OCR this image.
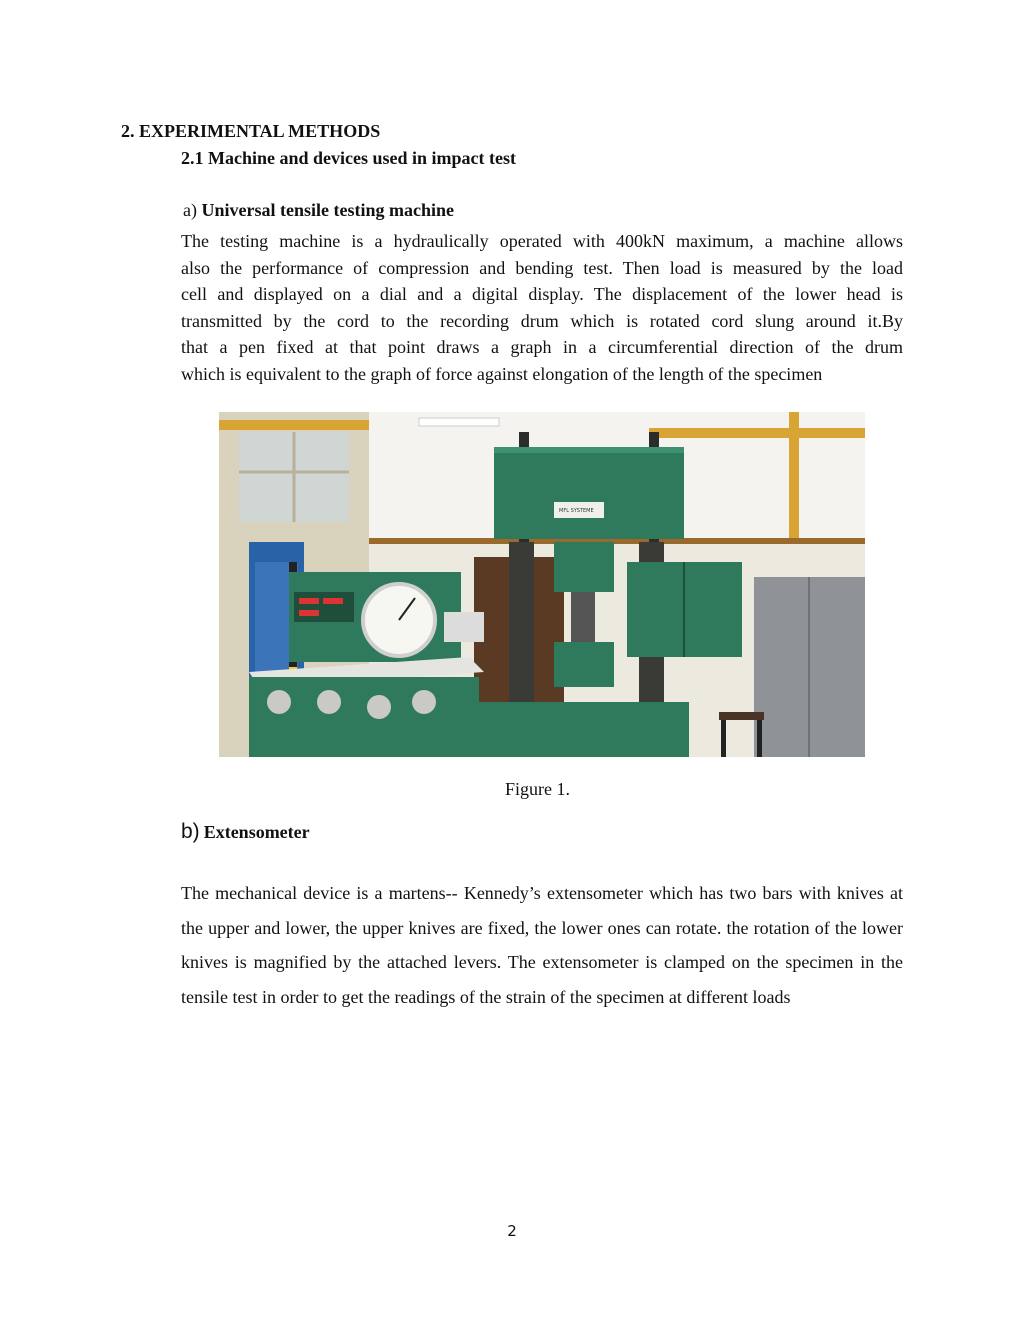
2. EXPERIMENTAL METHODS
2.1 Machine and devices used in impact test
a) Universal tensile testing machine
The testing machine is a hydraulically operated with 400kN maximum, a machine allows
also the performance of compression and bending test. Then load is measured by the load
cell and displayed on a dial and a digital display. The displacement of the lower head is
transmitted by the cord to the recording drum which is rotated cord slung around it.By
that a pen fixed at that point draws a graph in a circumferential direction of the drum
which is equivalent to the graph of force against elongation of the length of the specimen
MFL SYSTEME
Figure 1.
b) Extensometer
The mechanical device is a martens-- Kennedy’s extensometer which has two bars with knives at the upper and lower, the upper knives are fixed, the lower ones can rotate. the rotation of the lower knives is magnified by the attached levers. The extensometer is clamped on the specimen in the tensile test in order to get the readings of the strain of the specimen at different loads
2
